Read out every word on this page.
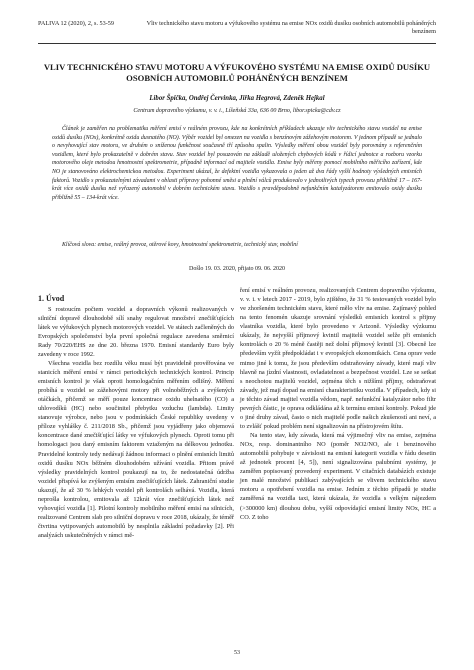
PALIVA 12 (2020), 2, s. 53-59	Vliv technického stavu motoru a výfukového systému na emise NOx oxidů dusíku osobních automobilů poháněných benzínem
VLIV TECHNICKÉHO STAVU MOTORU A VÝFUKOVÉHO SYSTÉMU NA EMISE OXIDŮ DUSÍKU OSOBNÍCH AUTOMOBILŮ POHÁNĚNÝCH BENZÍNEM
Libor Špička, Ondřej Červinka, Jiřka Hegrová, Zdeněk Hejkal
Centrum dopravního výzkumu, v. v. i., Líšeňská 33a, 636 00 Brno, libor.spicka@cdv.cz

Článek je zaměřen na problematiku měření emisí v reálném provozu, kde na konkrétních příkladech ukazuje vliv technického stavu vozidel na emise oxidů dusíku (NOx), konkrétně oxidu dusnatého (NO). Výběr vozidel byl omezen na vozidla s benzínovým zážehovým motorem. V jednom případě se jednalo o nevyhovující stav motoru, ve druhém o sníženou funkčnost současně tří způsobu spalin. Výsledky měření obou vozidel byly porovnány s referenčním vozidlem, které bylo prokazatelně v dobrém stavu. Stav vozidel byl posuzován na základě uložených chybových kódů v řídicí jednotce a rozboru vzorku motorového oleje metodou hmotnostní spektrometrie, případně informací od majitele vozidla. Emise byly měřeny pomocí mobilního měřicího zařízení, kde NO je stanovováno elektrochemickou metodou. Experiment ukázal, že defektní vozidla vykazovala o jeden až dva řády vyšší hodnoty výsledných emisních faktorů. Vozidlo s prokazatelnými závadami v oblasti přípravy pohonné směsi a plnění válců produkovalo v jednotlivých typech provozu přibližně 17 – 167-krát více oxidů dusíku než vyřazený automobil v dobrém technickém stavu. Vozidlo s pravděpodobně nefunkčním katalyzátorem emitovalo oxidy dusíku přibližně 55 – 134-krát více.

Klíčová slova: emise, reálný provoz, otěrové kovy, hmotnostní spektrometrie, technický stav, mobilní
Došlo 19. 03. 2020, přijato 09. 06. 2020

1. Úvod

S rostoucím počtem vozidel a dopravních výkonů realizovaných v silniční dopravě dlouhodobě sílí snahy regulovat množství znečišťujících látek ve výfukových plynech motorových vozidel. Ve státech začleněných do Evropských společenství byla první společná regulace zavedena směrnicí Rady 70/220/EHS ze dne 20. března 1970. Emisní standardy Euro byly zavedeny v roce 1992.

Všechna vozidla bez rozdílu věku musí být pravidelně prověřována ve stanicích měření emisí v rámci periodických technických kontrol. Princip emisních kontrol je však oproti homologačním měřením odlišný. Měření probíhá u vozidel se zážehovými motory při volnoběžných a zvýšených otáčkách, přičemž se měří pouze koncentrace oxidu uhelnatého (CO) a uhlovodíků (HC) nebo součinitel přebytku vzduchu (lambda). Limity stanovuje výrobce, nebo jsou v podmínkách České republiky uvedeny v příloze vyhlášky č. 211/2018 Sb., přičemž jsou vyjádřeny jako objemová koncentrace dané znečišťující látky ve výfukových plynech. Oproti tomu při homologaci jsou daný emisním faktorem vztaženým na délkovou jednotku. Pravidelné kontroly tedy nedávají žádnou informaci o plnění emisních limitů oxidů dusíku NOx běžném dlouhodobém užívání vozidla. Přitom právě výsledky pravidelných kontrol poukazují na to, že nedostatečná údržba vozidel přispívá ke zvýšeným emisím znečišťujících látek. Zahraniční studie ukazují, že až 30 % lehkých vozidel při kontrolách selhává. Vozidla, která neprošla kontrolou, emitovala až 12krát více znečišťujících látek než vyhovující vozidla [1]. Pilotní kontroly mobilního měření emisí na silnicích, realizované Centrem slab pro silniční dopravu v roce 2018, ukázaly, že téměř čtvrtina vytipovaných automobilů by nesplnila základní požadavky [2]. Při analýzách uskutečněných v rámci mě-

ření emisí v reálném provozu, realizovaných Centrem dopravního výzkumu, v. v. i. v letech 2017 - 2019, bylo zjištěno, že 31 % testovaných vozidel bylo ve zhoršeném technickém stavu, které mělo vliv na emise. Zajímavý pohled na tento fenomén ukazuje srovnání výsledků emisních kontrol s přijmy vlastníka vozidla, které bylo provedeno v Arizoně. Výsledky výzkumu ukázaly, že nejvyšší příjmový kvintil majitelů vozidel selže při emisních kontrolách o 20 % méně častěji než dolní příjmový kvintil [3]. Obecně lze především vyžít předpokládat i v evropských ekonomikách. Cena oprav vede mimo jiné k tomu, že jsou především odstraňovány závady, které mají vliv hlavně na jízdní vlastnosti, ovladatelnost a bezpečnost vozidel. Lze se setkat s neochotou majitelů vozidel, zejména těch s nižšími příjmy, odstraňovat závady, jež mají dopad na emisní charakteristiku vozidla. V případech, kdy si je těchto závad majitel vozidla vědom, např. nefunkční katalyzátor nebo filtr pevných částic, je oprava odkládána až k termínu emisní kontroly. Pokud jde o jiné druhy závad, často o nich majitelé podle našich zkušeností ani neví, a to zvlášť pokud problém není signalizován na přístrojovém štítu.

Na tento stav, kdy závada, která má výjimečný vliv na emise, zejména NOx, resp. dominantního NO (poměr NO2/NO, ale i benzinového automobilů pohybuje v závislosti na emisní kategorii vozidla v řádu desetin až jednotek procent [4, 5]), není signalizována palubními systémy, je zaměřen popisovaný provedený experiment. V citačních databázích existuje jen malé množství publikací zabývajících se vlivem technického stavu motoru a opotřebení vozidla na emise. Jedním z těchto případů je studie zaměřená na vozidla taxi, která ukázala, že vozidla s velkým nájezdem (>300000 km) dlouhou dobu, vyšší odpovídající emisní limity NOx, HC a CO. Z toho

53
